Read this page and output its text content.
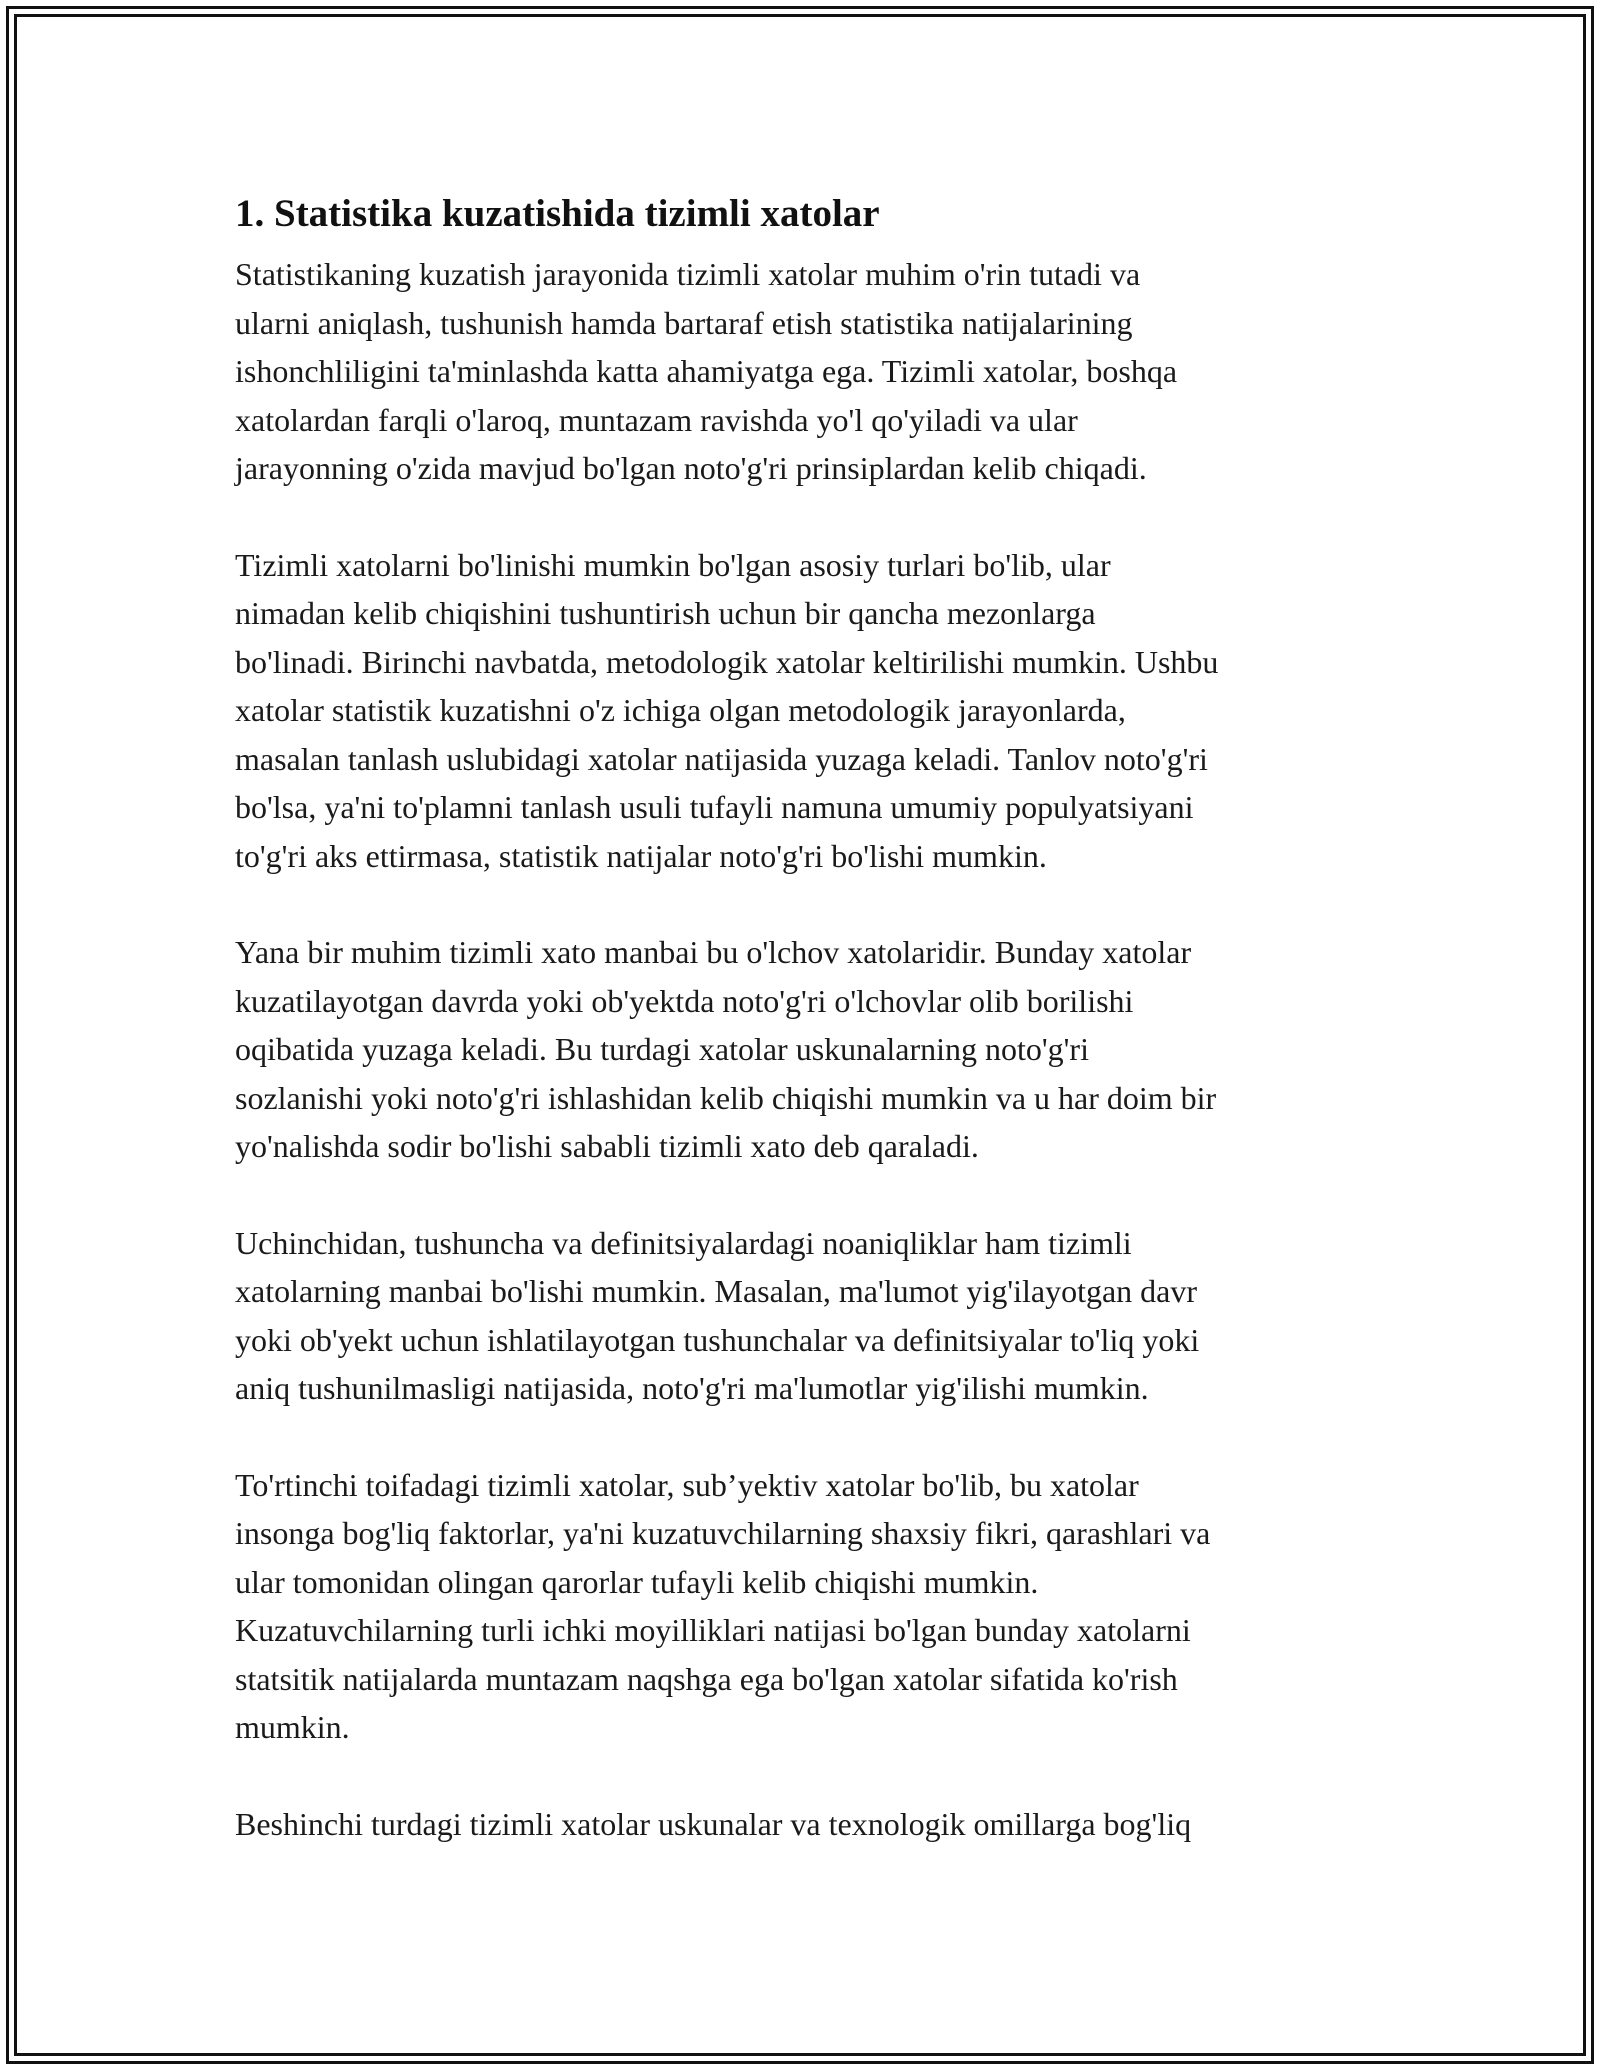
1. Statistika kuzatishida tizimli xatolar

Statistikaning kuzatish jarayonida tizimli xatolar muhim o'rin tutadi va
ularni aniqlash, tushunish hamda bartaraf etish statistika natijalarining
ishonchliligini ta'minlashda katta ahamiyatga ega. Tizimli xatolar, boshqa
xatolardan farqli o'laroq, muntazam ravishda yo'l qo'yiladi va ular
jarayonning o'zida mavjud bo'lgan noto'g'ri prinsiplardan kelib chiqadi.

Tizimli xatolarni bo'linishi mumkin bo'lgan asosiy turlari bo'lib, ular
nimadan kelib chiqishini tushuntirish uchun bir qancha mezonlarga
bo'linadi. Birinchi navbatda, metodologik xatolar keltirilishi mumkin. Ushbu
xatolar statistik kuzatishni o'z ichiga olgan metodologik jarayonlarda,
masalan tanlash uslubidagi xatolar natijasida yuzaga keladi. Tanlov noto'g'ri
bo'lsa, ya'ni to'plamni tanlash usuli tufayli namuna umumiy populyatsiyani
to'g'ri aks ettirmasa, statistik natijalar noto'g'ri bo'lishi mumkin.

Yana bir muhim tizimli xato manbai bu o'lchov xatolaridir. Bunday xatolar
kuzatilayotgan davrda yoki ob'yektda noto'g'ri o'lchovlar olib borilishi
oqibatida yuzaga keladi. Bu turdagi xatolar uskunalarning noto'g'ri
sozlanishi yoki noto'g'ri ishlashidan kelib chiqishi mumkin va u har doim bir
yo'nalishda sodir bo'lishi sababli tizimli xato deb qaraladi.

Uchinchidan, tushuncha va definitsiyalardagi noaniqliklar ham tizimli
xatolarning manbai bo'lishi mumkin. Masalan, ma'lumot yig'ilayotgan davr
yoki ob'yekt uchun ishlatilayotgan tushunchalar va definitsiyalar to'liq yoki
aniq tushunilmasligi natijasida, noto'g'ri ma'lumotlar yig'ilishi mumkin.

To'rtinchi toifadagi tizimli xatolar, sub’yektiv xatolar bo'lib, bu xatolar
insonga bog'liq faktorlar, ya'ni kuzatuvchilarning shaxsiy fikri, qarashlari va
ular tomonidan olingan qarorlar tufayli kelib chiqishi mumkin.
Kuzatuvchilarning turli ichki moyilliklari natijasi bo'lgan bunday xatolarni
statsitik natijalarda muntazam naqshga ega bo'lgan xatolar sifatida ko'rish
mumkin.

Beshinchi turdagi tizimli xatolar uskunalar va texnologik omillarga bog'liq
